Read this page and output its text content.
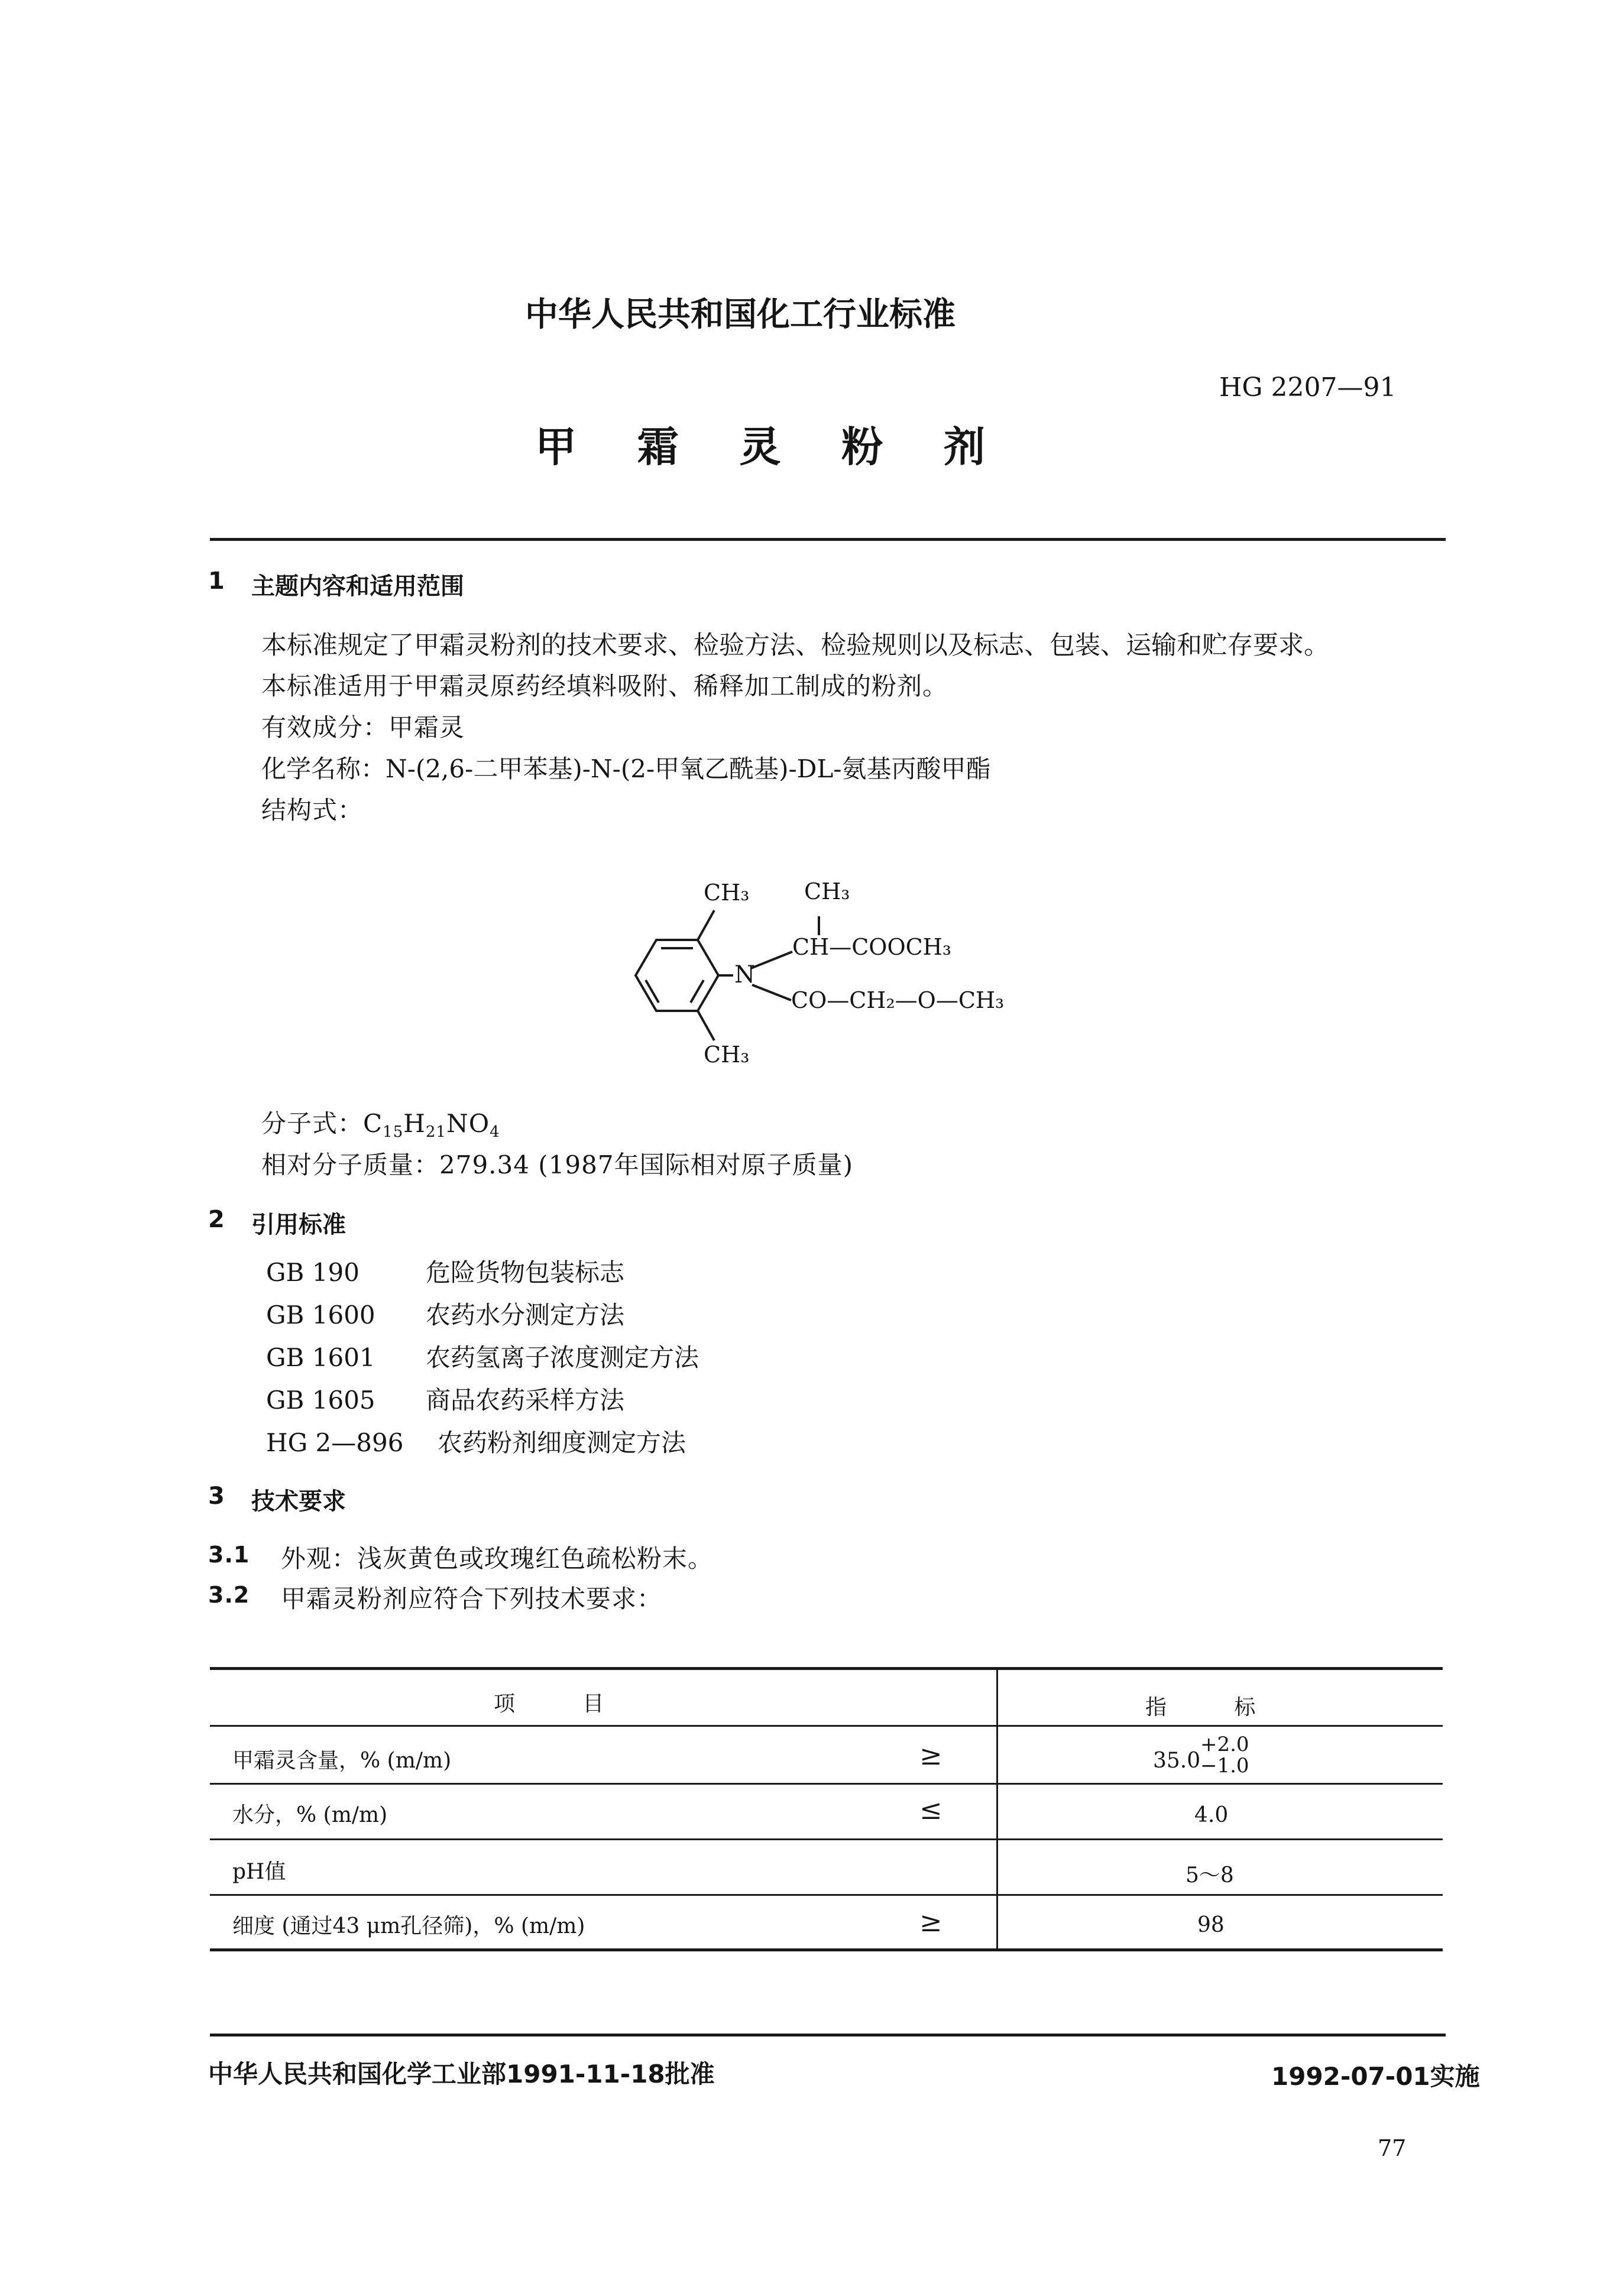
中华人民共和国化工行业标准
HG 2207—91
甲  霜  灵  粉  剂
1 主题内容和适用范围
本标准规定了甲霜灵粉剂的技术要求、检验方法、检验规则以及标志、包装、运输和贮存要求。
本标准适用于甲霜灵原药经填料吸附、稀释加工制成的粉剂。
有效成分：甲霜灵
化学名称：N-(2,6-二甲苯基)-N-(2-甲氧乙酰基)-DL-氨基丙酸甲酯
结构式：
CH₃ CH₃
CH—COOCH₃
N
CO—CH₂—O—CH₃
CH₃
分子式：$C_{15}H_{21}NO_4$
相对分子质量：279.34 (1987年国际相对原子质量)
2 引用标准
GB 190	危险货物包装标志
GB 1600 农药水分测定方法
GB 1601 农药氢离子浓度测定方法
GB 1605 商品农药采样方法
HG 2—896 农药粉剂细度测定方法
3 技术要求
3.1 外观：浅灰黄色或玫瑰红色疏松粉末。
3.2 甲霜灵粉剂应符合下列技术要求：
项          目	指          标
甲霜灵含量，% (m/m)	≥	35.0
+2.0
−1.0
水分，% (m/m)	≤	4.0
pH值	5～8
细度 (通过43 μm孔径筛)，% (m/m)	≥	98
中华人民共和国化学工业部1991-11-18批准	1992-07-01实施
77
